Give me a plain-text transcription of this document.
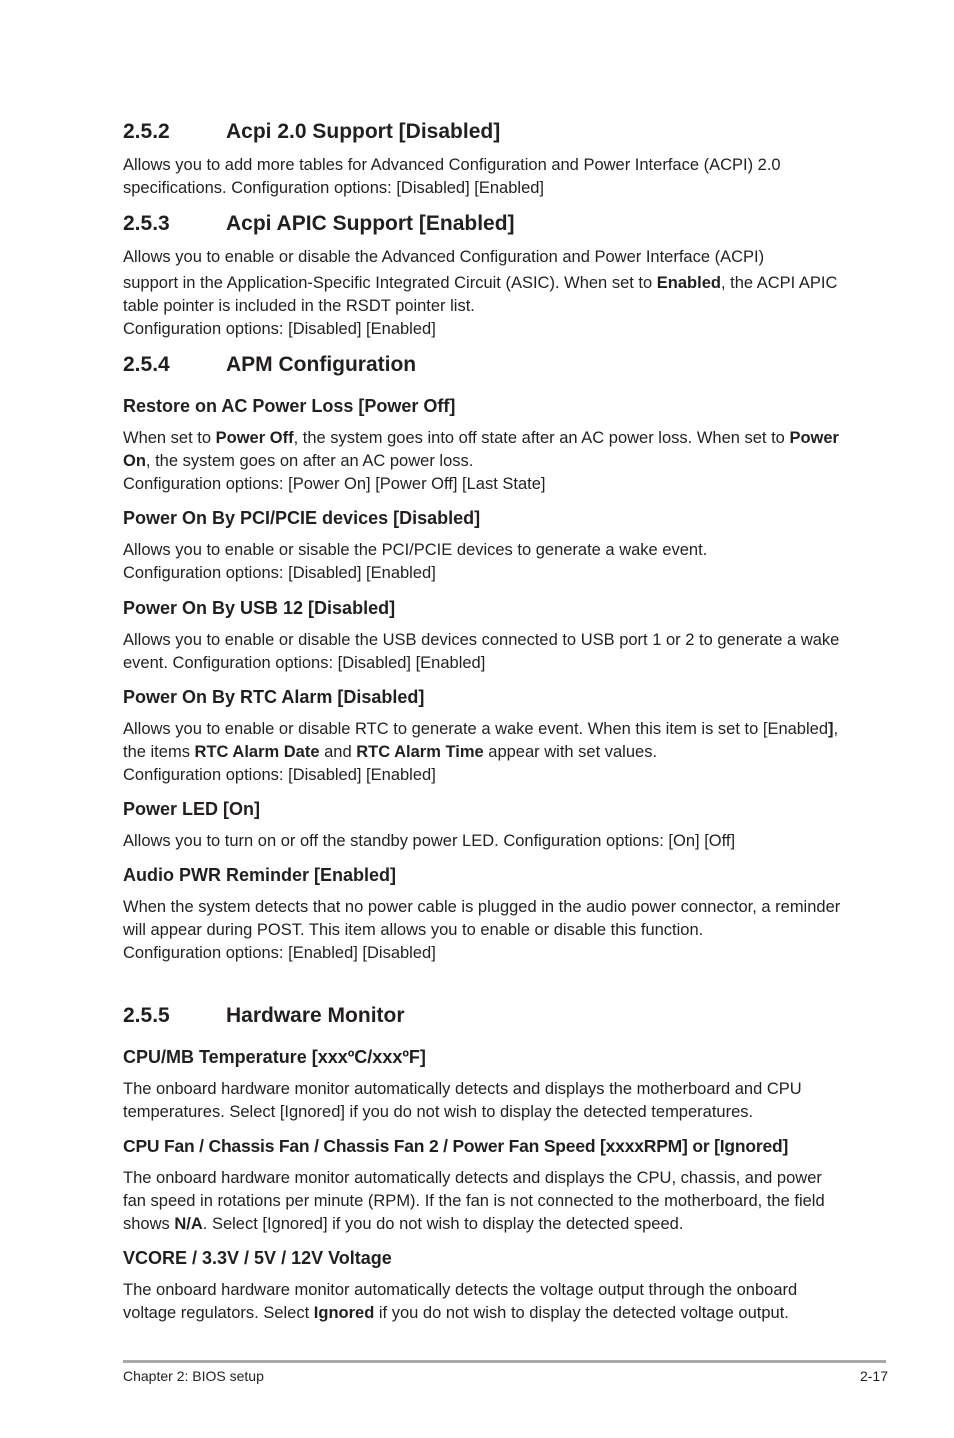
2.5.2	Acpi 2.0 Support [Disabled]
Allows you to add more tables for Advanced Configuration and Power Interface (ACPI) 2.0 specifications. Configuration options: [Disabled] [Enabled]
2.5.3	Acpi APIC Support [Enabled]
Allows you to enable or disable the Advanced Configuration and Power Interface (ACPI)
support in the Application-Specific Integrated Circuit (ASIC). When set to Enabled, the ACPI APIC table pointer is included in the RSDT pointer list.
Configuration options: [Disabled] [Enabled]
2.5.4	APM Configuration
Restore on AC Power Loss [Power Off]
When set to Power Off, the system goes into off state after an AC power loss. When set to Power On, the system goes on after an AC power loss.
Configuration options: [Power On] [Power Off] [Last State]
Power On By PCI/PCIE devices [Disabled]
Allows you to enable or sisable the PCI/PCIE devices to generate a wake event.
Configuration options: [Disabled] [Enabled]
Power On By USB 12 [Disabled]
Allows you to enable or disable the USB devices connected to USB port 1 or 2 to generate a wake event. Configuration options: [Disabled] [Enabled]
Power On By RTC Alarm [Disabled]
Allows you to enable or disable RTC to generate a wake event. When this item is set to [Enabled], the items RTC Alarm Date and RTC Alarm Time appear with set values.
Configuration options: [Disabled] [Enabled]
Power LED [On]
Allows you to turn on or off the standby power LED. Configuration options: [On] [Off]
Audio PWR Reminder [Enabled]
When the system detects that no power cable is plugged in the audio power connector, a reminder will appear during POST. This item allows you to enable or disable this function.
Configuration options: [Enabled] [Disabled]
2.5.5	Hardware Monitor
CPU/MB Temperature [xxxºC/xxxºF]
The onboard hardware monitor automatically detects and displays the motherboard and CPU temperatures. Select [Ignored] if you do not wish to display the detected temperatures.
CPU Fan / Chassis Fan / Chassis Fan 2 / Power Fan Speed [xxxxRPM] or [Ignored]
The onboard hardware monitor automatically detects and displays the CPU, chassis, and power fan speed in rotations per minute (RPM). If the fan is not connected to the motherboard, the field shows N/A. Select [Ignored] if you do not wish to display the detected speed.
VCORE / 3.3V / 5V / 12V Voltage
The onboard hardware monitor automatically detects the voltage output through the onboard voltage regulators. Select Ignored if you do not wish to display the detected voltage output.
Chapter 2: BIOS setup	2-17
